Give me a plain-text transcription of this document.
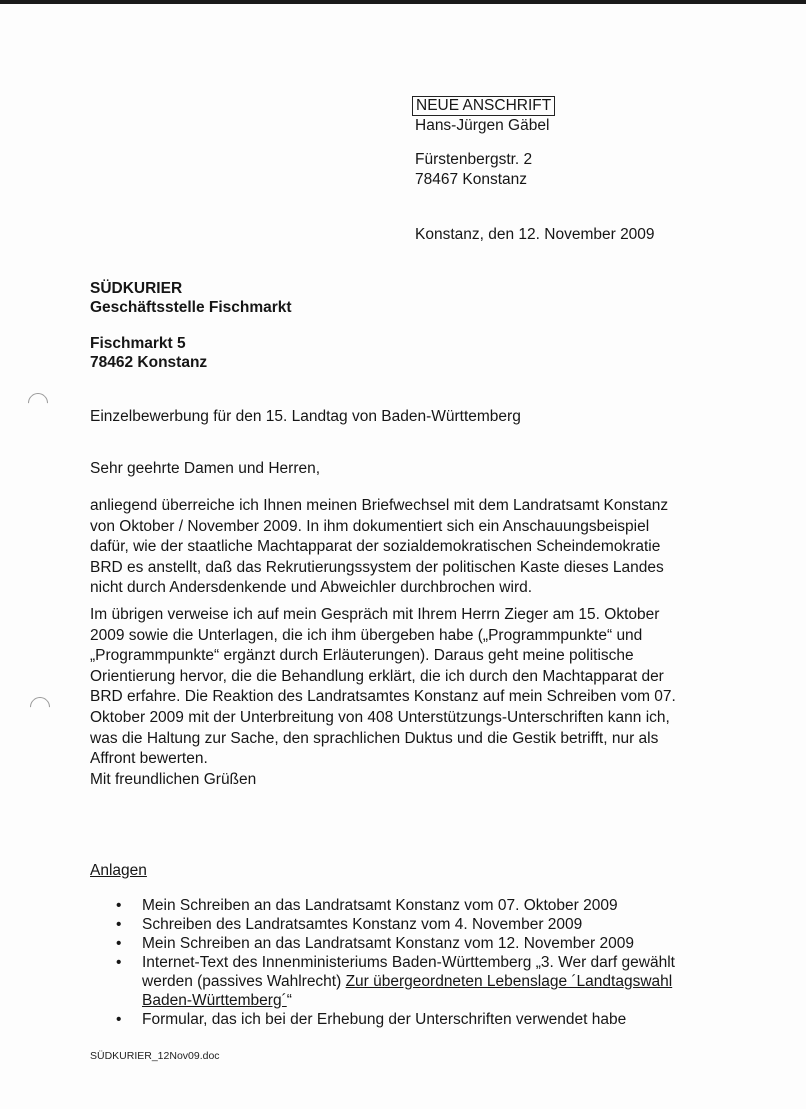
NEUE ANSCHRIFT
Hans-Jürgen Gäbel
Fürstenbergstr. 2
78467 Konstanz
Konstanz, den 12. November 2009
SÜDKURIER
Geschäftsstelle Fischmarkt
Fischmarkt 5
78462 Konstanz
Einzelbewerbung für den 15. Landtag von Baden-Württemberg
Sehr geehrte Damen und Herren,
anliegend überreiche ich Ihnen meinen Briefwechsel mit dem Landratsamt Konstanz
von Oktober / November 2009. In ihm dokumentiert sich ein Anschauungsbeispiel
dafür, wie der staatliche Machtapparat der sozialdemokratischen Scheindemokratie
BRD es anstellt, daß das Rekrutierungssystem der politischen Kaste dieses Landes
nicht durch Andersdenkende und Abweichler durchbrochen wird.
Im übrigen verweise ich auf mein Gespräch mit Ihrem Herrn Zieger am 15. Oktober
2009 sowie die Unterlagen, die ich ihm übergeben habe („Programmpunkte“ und
„Programmpunkte“ ergänzt durch Erläuterungen). Daraus geht meine politische
Orientierung hervor, die die Behandlung erklärt, die ich durch den Machtapparat der
BRD erfahre. Die Reaktion des Landratsamtes Konstanz auf mein Schreiben vom 07.
Oktober 2009 mit der Unterbreitung von 408 Unterstützungs-Unterschriften kann ich,
was die Haltung zur Sache, den sprachlichen Duktus und die Gestik betrifft, nur als
Affront bewerten.
Mit freundlichen Grüßen
Anlagen
• Mein Schreiben an das Landratsamt Konstanz vom 07. Oktober 2009
• Schreiben des Landratsamtes Konstanz vom 4. November 2009
• Mein Schreiben an das Landratsamt Konstanz vom 12. November 2009
• Internet-Text des Innenministeriums Baden-Württemberg „3. Wer darf gewählt
werden (passives Wahlrecht) Zur übergeordneten Lebenslage ´Landtagswahl
Baden-Württemberg´“
• Formular, das ich bei der Erhebung der Unterschriften verwendet habe
SÜDKURIER_12Nov09.doc
